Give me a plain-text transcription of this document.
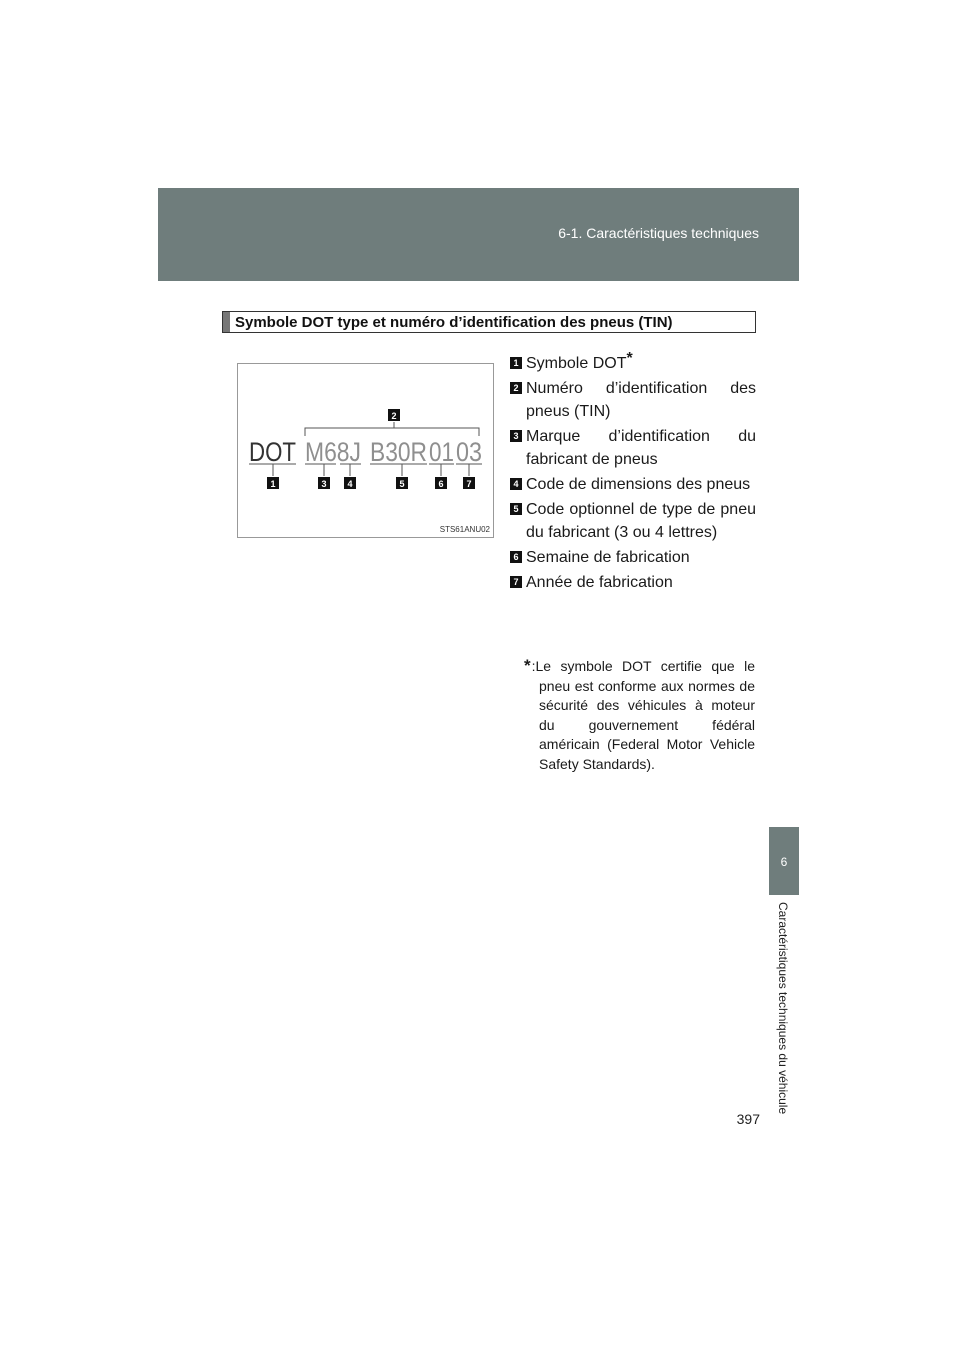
6-1. Caractéristiques techniques
Symbole DOT type et numéro d’identification des pneus (TIN)
2
DOT M68J B30R 01 03
1	3 4	5	6	7
STS61ANU02
1 Symbole DOT*
2 Numéro d’identification des pneus (TIN)
3 Marque d’identification du fabricant de pneus
4 Code de dimensions des pneus
5 Code optionnel de type de pneu du fabricant (3 ou 4 lettres)
6 Semaine de fabrication
7 Année de fabrication
*:Le symbole DOT certifie que le pneu est conforme aux normes de sécurité des véhicules à moteur du gouvernement fédéral américain (Federal Motor Vehicle Safety Standards).
6
Caractéristiques techniques du véhicule
397
